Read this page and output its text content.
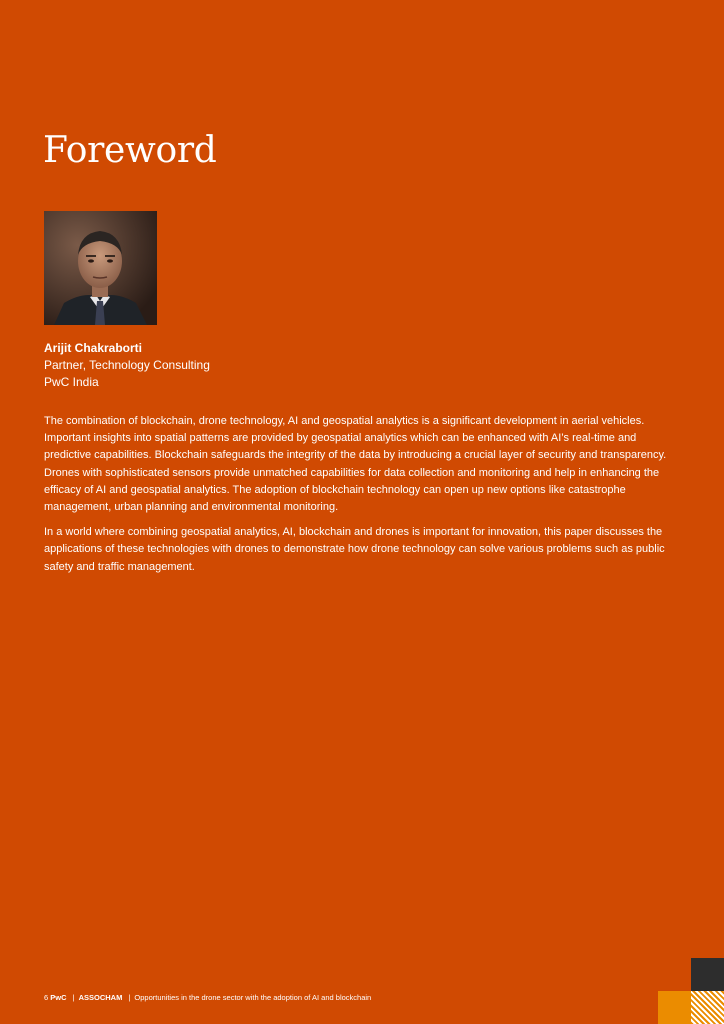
Foreword
Arijit Chakraborti
Partner, Technology Consulting
PwC India

The combination of blockchain, drone technology, AI and geospatial analytics is a significant development in aerial vehicles. Important insights into spatial patterns are provided by geospatial analytics which can be enhanced with AI’s real-time and predictive capabilities. Blockchain safeguards the integrity of the data by introducing a crucial layer of security and transparency. Drones with sophisticated sensors provide unmatched capabilities for data collection and monitoring and help in enhancing the efficacy of AI and geospatial analytics. The adoption of blockchain technology can open up new options like catastrophe management, urban planning and environmental monitoring.

In a world where combining geospatial analytics, AI, blockchain and drones is important for innovation, this paper discusses the applications of these technologies with drones to demonstrate how drone technology can solve various problems such as public safety and traffic management.

6 PwC | ASSOCHAM | Opportunities in the drone sector with the adoption of AI and blockchain
